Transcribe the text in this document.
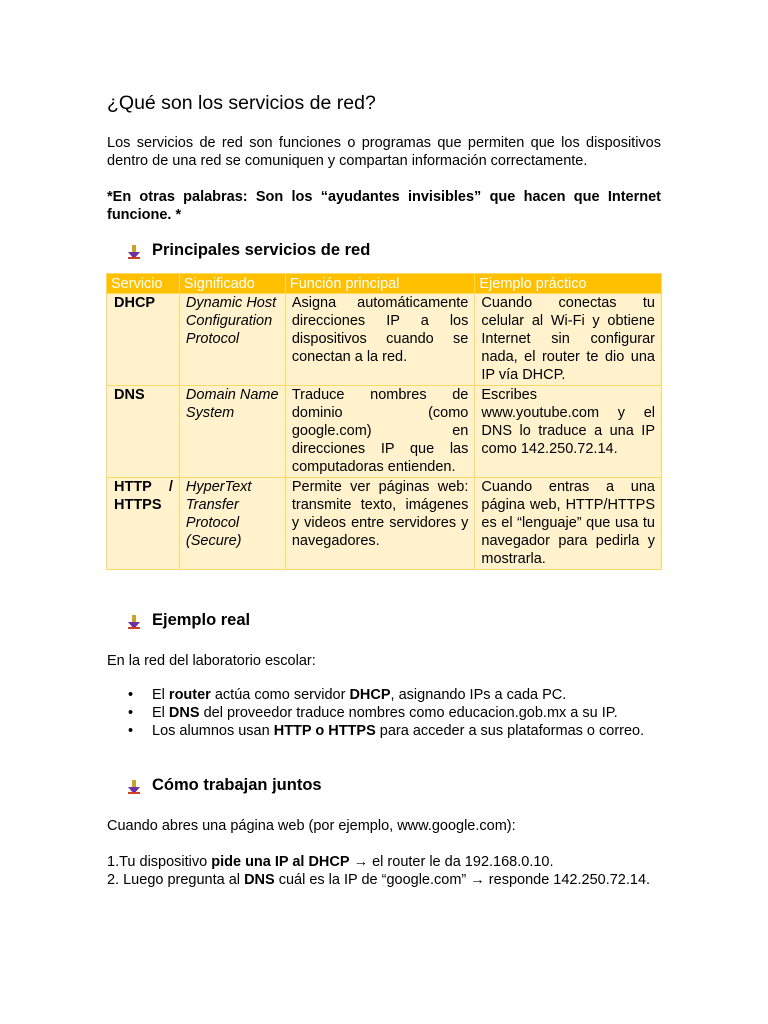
¿Qué son los servicios de red?

Los servicios de red son funciones o programas que permiten que los dispositivos dentro de una red se comuniquen y compartan información correctamente.

*En otras palabras: Son los “ayudantes invisibles” que hacen que Internet funcione. *

Principales servicios de red
Servicio	Significado	Función principal	Ejemplo práctico
DHCP	Dynamic Host Configuration Protocol	Asigna automáticamente direcciones IP a los dispositivos cuando se conectan a la red.	Cuando conectas tu celular al Wi-Fi y obtiene Internet sin configurar nada, el router te dio una IP vía DHCP.
DNS	Domain Name System	Traduce nombres de dominio (como google.com) en direcciones IP que las computadoras entienden.	Escribes www.youtube.com y el DNS lo traduce a una IP como 142.250.72.14.
HTTP / HTTPS	HyperText Transfer Protocol (Secure)	Permite ver páginas web: transmite texto, imágenes y videos entre servidores y navegadores.	Cuando entras a una página web, HTTP/HTTPS es el “lenguaje” que usa tu navegador para pedirla y mostrarla.
Ejemplo real

En la red del laboratorio escolar:

• El router actúa como servidor DHCP, asignando IPs a cada PC.
• El DNS del proveedor traduce nombres como educacion.gob.mx a su IP.
• Los alumnos usan HTTP o HTTPS para acceder a sus plataformas o correo.
Cómo trabajan juntos

Cuando abres una página web (por ejemplo, www.google.com):

1.Tu dispositivo pide una IP al DHCP → el router le da 192.168.0.10.
2. Luego pregunta al DNS cuál es la IP de “google.com” → responde 142.250.72.14.
